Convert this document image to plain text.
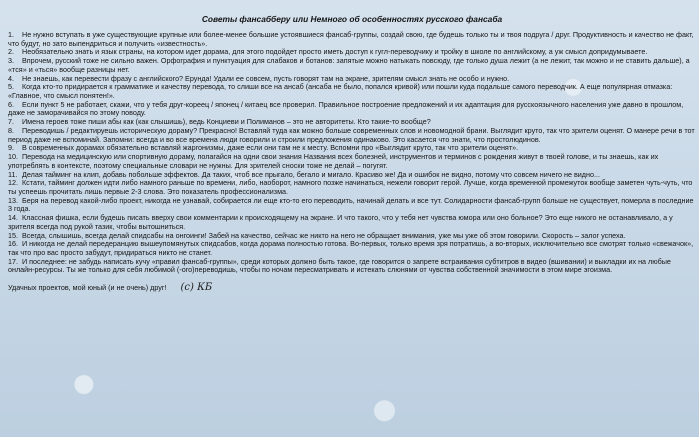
Советы фансабберу или Немного об особенностях русского фансаба
1. Не нужно вступать в уже существующие крупные или более-менее большие устоявшиеся фансаб-группы, создай свою, где будешь только ты и твоя подруга / друг. Продуктивность и качество не факт, что будут, но зато выпендриться и получить «известность».
2. Необязательно знать и язык страны, на котором идет дорама, для этого подойдет просто иметь доступ к гугл-переводчику и тройку в школе по английскому, а уж смысл допридумываете.
3. Впрочем, русский тоже не сильно важен. Орфография и пунктуация для слабаков и ботанов: запятые можно натыкать повсюду, где только душа лежит (а не лежит, так можно и не ставить дальше), а «тся» и «ться» вообще разницы нет.
4. Не знаешь, как перевести фразу с английского? Ерунда! Удали ее совсем, пусть говорят там на экране, зрителям смысл знать не особо и нужно.
5. Когда кто-то придирается к грамматике и качеству перевода, то слиши все на ансаб (ансаба не было, попался кривой) или пошли куда подальше самого переводчик. А еще популярная отмазка: «Главное, что смысл понятен!».
6. Если пункт 5 не работает, скажи, что у тебя друг-кореец / японец / китаец все проверил. Правильное построение предложений и их адаптация для русскоязычного населения уже давно в прошлом, даже не заморачивайся по этому поводу.
7. Имена героев тоже пиши абы как (как слышишь), ведь Конциеви и Полиманов – это не авторитеты. Кто такие-то вообще?
8. Переводишь / редактируешь историческую дораму? Прекрасно! Вставляй туда как можно больше современных слов и новомодной брани. Выглядит круто, так что зрители оценят. О манере речи в тот период даже не вспоминай. Запомни: всегда и во все времена люди говорили и строили предложения одинаково. Это касается что знати, что простолюдинов.
9. В современных дорамах обязательно вставляй жаргонизмы, даже если они там не к месту. Вспомни про «Выглядит круто, так что зрители оценят».
10. Перевода на медицинскую или спортивную дораму, полагайся на одни свои знания Названия всех болезней, инструментов и терминов с рождения живут в твоей голове, и ты знаешь, как их употреблять в контексте, поэтому специальные словари не нужны. Для зрителей сноски тоже не делай – погугят.
11. Делая тайминг на клип, добавь побольше эффектов. Да таких, чтоб все прыгало, бегало и мигало. Красиво же! Да и ошибок не видно, потому что совсем ничего не видно...
12. Кстати, тайминг должен идти либо намного раньше по времени, либо, наоборот, намного позже начинаться, нежели говорит герой. Лучше, когда временной промежуток вообще заметен чуть-чуть, что ты успеешь прочитать лишь первые 2-3 слова. Это показатель профессионализма.
13. Беря на перевод какой-либо проект, никогда не узнавай, собирается ли еще кто-то его переводить, начинай делать и все тут. Солидарности фансаб-групп больше не существует, померла в последние 3 года.
14. Классная фишка, если будешь писать вверху свои комментарии к происходящему на экране. И что такого, что у тебя нет чувства юмора или оно больное? Это еще никого не останавливало, а у зрителя всегда под рукой тазик, чтобы вытошниться.
15. Всегда, слышишь, всегда делай спидсабы на онгоинги! Забей на качество, сейчас же никто на него не обращает внимания, уже мы уже об этом говорили. Скорость – залог успеха.
16. И никогда не делай передеранцию вышеупомянутых спидсабов, когда дорама полностью готова. Во-первых, только время зря потратишь, а во-вторых, исключительно все смотрят только «свежачок», так что про вас просто забудут, придираться никто не станет.
17. И последнее: не забудь написать кучу «правил фансаб-группы», среди которых должно быть такое, где говорится о запрете встраивания субтитров в видео (вшивании) и выкладки их на любые онлайн-ресурсы. Ты же только для себя любимой (-ого)переводишь, чтобы по ночам пересматривать и истекать слюнями от чувства собственной значимости в этом мире эгоизма.
Удачных проектов, мой юный (и не очень) друг! (с) КБ
